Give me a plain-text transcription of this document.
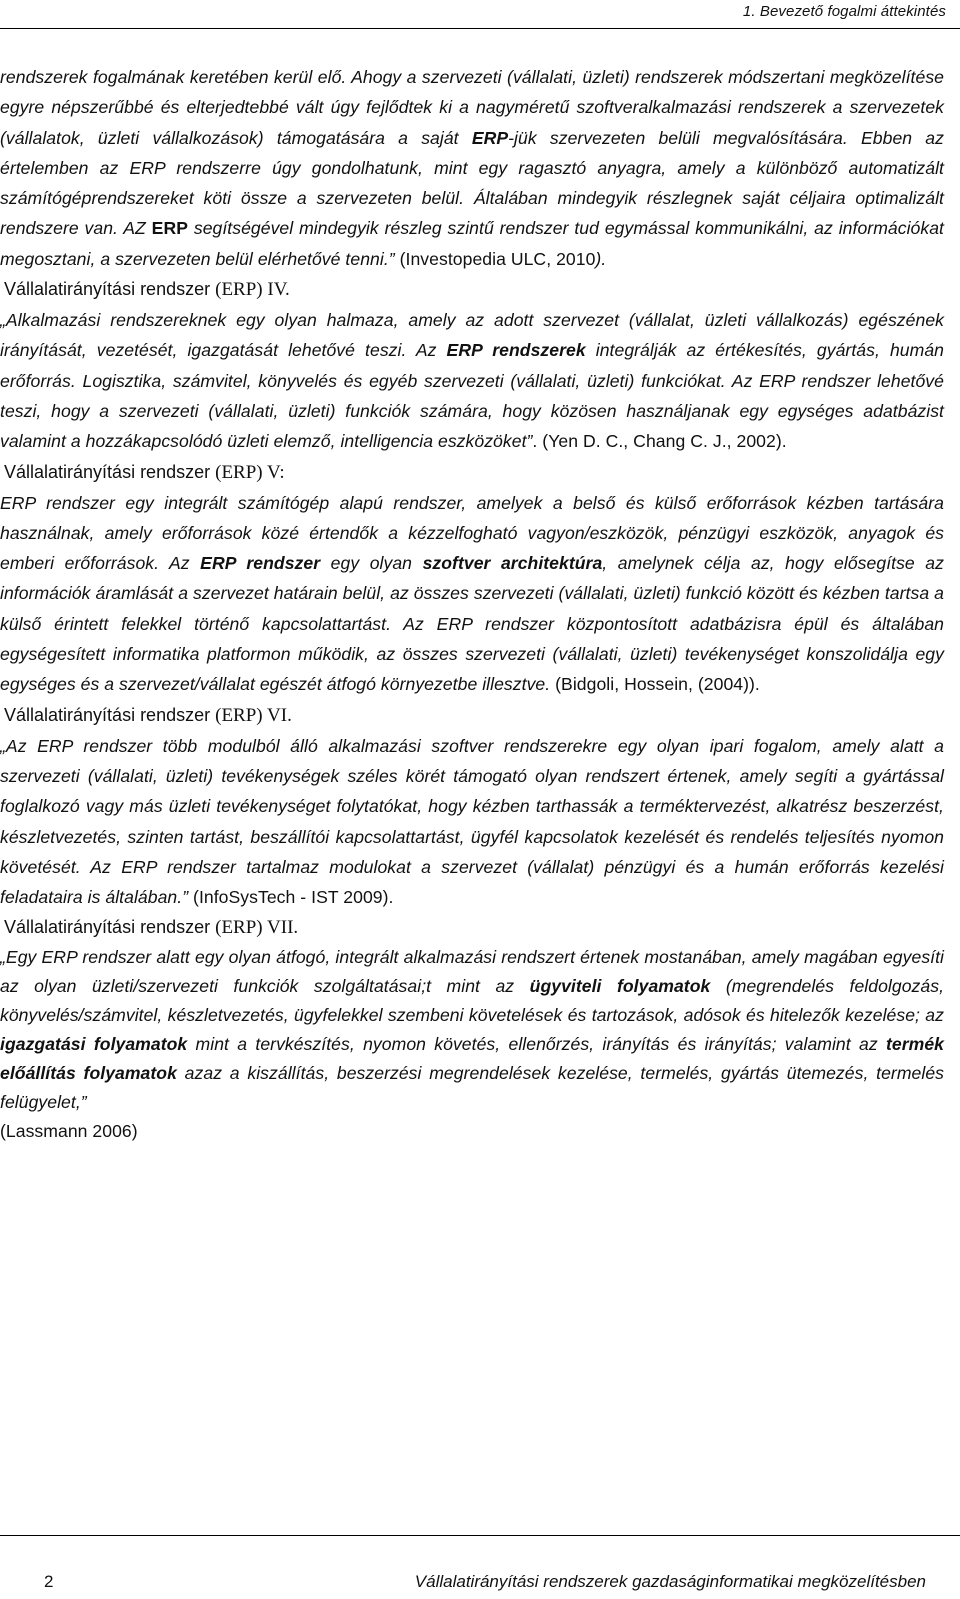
1. Bevezető fogalmi áttekintés

rendszerek fogalmának keretében kerül elő. Ahogy a szervezeti (vállalati, üzleti) rendszerek módszertani megközelítése egyre népszerűbbé és elterjedtebbé vált úgy fejlődtek ki a nagyméretű szoftveralkalmazási rendszerek a szervezetek (vállalatok, üzleti vállalkozások) támogatására a saját ERP-jük szervezeten belüli megvalósítására. Ebben az értelemben az ERP rendszerre úgy gondolhatunk, mint egy ragasztó anyagra, amely a különböző automatizált számítógéprendszereket köti össze a szervezeten belül. Általában mindegyik részlegnek saját céljaira optimalizált rendszere van. AZ ERP segítségével mindegyik részleg szintű rendszer tud egymással kommunikálni, az információkat megosztani, a szervezeten belül elérhetővé tenni.” (Investopedia ULC, 2010).

Vállalatirányítási rendszer (ERP) IV.

„Alkalmazási rendszereknek egy olyan halmaza, amely az adott szervezet (vállalat, üzleti vállalkozás) egészének irányítását, vezetését, igazgatását lehetővé teszi. Az ERP rendszerek integrálják az értékesítés, gyártás, humán erőforrás. Logisztika, számvitel, könyvelés és egyéb szervezeti (vállalati, üzleti) funkciókat. Az ERP rendszer lehetővé teszi, hogy a szervezeti (vállalati, üzleti) funkciók számára, hogy közösen használjanak egy egységes adatbázist valamint a hozzákapcsolódó üzleti elemző, intelligencia eszközöket”. (Yen D. C., Chang C. J., 2002).

Vállalatirányítási rendszer (ERP) V:

ERP rendszer egy integrált számítógép alapú rendszer, amelyek a belső és külső erőforrások kézben tartására használnak, amely erőforrások közé értendők a kézzelfogható vagyon/eszközök, pénzügyi eszközök, anyagok és emberi erőforrások. Az ERP rendszer egy olyan szoftver architektúra, amelynek célja az, hogy elősegítse az információk áramlását a szervezet határain belül, az összes szervezeti (vállalati, üzleti) funkció között és kézben tartsa a külső érintett felekkel történő kapcsolattartást. Az ERP rendszer központosított adatbázisra épül és általában egységesített informatika platformon működik, az összes szervezeti (vállalati, üzleti) tevékenységet konszolidálja egy egységes és a szervezet/vállalat egészét átfogó környezetbe illesztve. (Bidgoli, Hossein, (2004)).

Vállalatirányítási rendszer (ERP) VI.

„Az ERP rendszer több modulból álló alkalmazási szoftver rendszerekre egy olyan ipari fogalom, amely alatt a szervezeti (vállalati, üzleti) tevékenységek széles körét támogató olyan rendszert értenek, amely segíti a gyártással foglalkozó vagy más üzleti tevékenységet folytatókat, hogy kézben tarthassák a terméktervezést, alkatrész beszerzést, készletvezetés, szinten tartást, beszállítói kapcsolattartást, ügyfél kapcsolatok kezelését és rendelés teljesítés nyomon követését. Az ERP rendszer tartalmaz modulokat a szervezet (vállalat) pénzügyi és a humán erőforrás kezelési feladataira is általában.” (InfoSysTech - IST 2009).

Vállalatirányítási rendszer (ERP) VII.

„Egy ERP rendszer alatt egy olyan átfogó, integrált alkalmazási rendszert értenek mostanában, amely magában egyesíti az olyan üzleti/szervezeti funkciók szolgáltatásai;t mint az ügyviteli folyamatok (megrendelés feldolgozás, könyvelés/számvitel, készletvezetés, ügyfelekkel szembeni követelések és tartozások, adósok és hitelezők kezelése; az igazgatási folyamatok mint a tervkészítés, nyomon követés, ellenőrzés, irányítás és irányítás; valamint az termék előállítás folyamatok azaz a kiszállítás, beszerzési megrendelések kezelése, termelés, gyártás ütemezés, termelés felügyelet,”
(Lassmann 2006)

2	Vállalatirányítási rendszerek gazdaságinformatikai megközelítésben
